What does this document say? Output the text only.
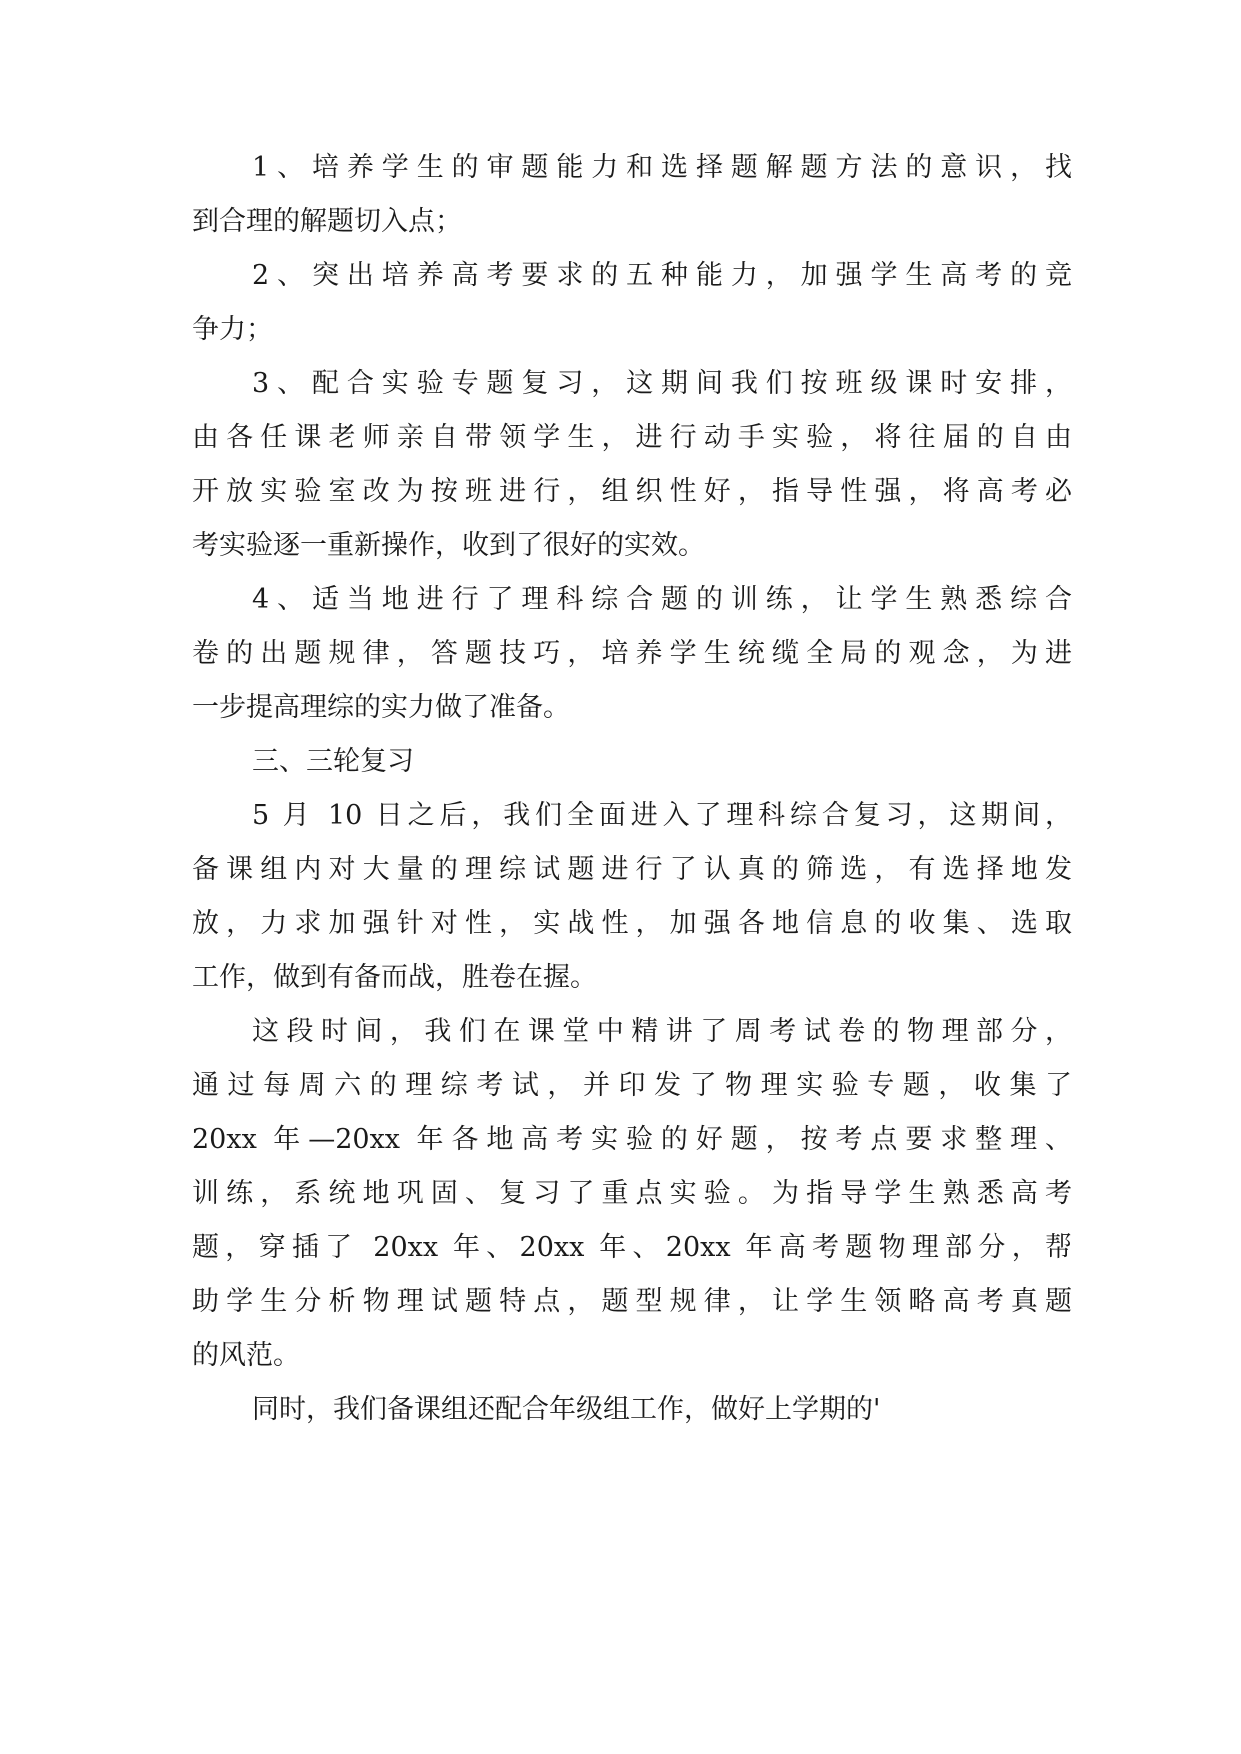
1、培养学生的审题能力和选择题解题方法的意识，找
到合理的解题切入点；
2、突出培养高考要求的五种能力，加强学生高考的竞
争力；
3、配合实验专题复习，这期间我们按班级课时安排，
由各任课老师亲自带领学生，进行动手实验，将往届的自由
开放实验室改为按班进行，组织性好，指导性强，将高考必
考实验逐一重新操作，收到了很好的实效。
4、适当地进行了理科综合题的训练，让学生熟悉综合
卷的出题规律，答题技巧，培养学生统缆全局的观念，为进
一步提高理综的实力做了准备。
三、三轮复习
5 月 10 日之后，我们全面进入了理科综合复习，这期间，
备课组内对大量的理综试题进行了认真的筛选，有选择地发
放，力求加强针对性，实战性，加强各地信息的收集、选取
工作，做到有备而战，胜卷在握。
这段时间，我们在课堂中精讲了周考试卷的物理部分，
通过每周六的理综考试，并印发了物理实验专题，收集了
20xx 年—20xx 年各地高考实验的好题，按考点要求整理、
训练，系统地巩固、复习了重点实验。为指导学生熟悉高考
题，穿插了 20xx 年、20xx 年、20xx 年高考题物理部分，帮
助学生分析物理试题特点，题型规律，让学生领略高考真题
的风范。
同时，我们备课组还配合年级组工作，做好上学期的'
